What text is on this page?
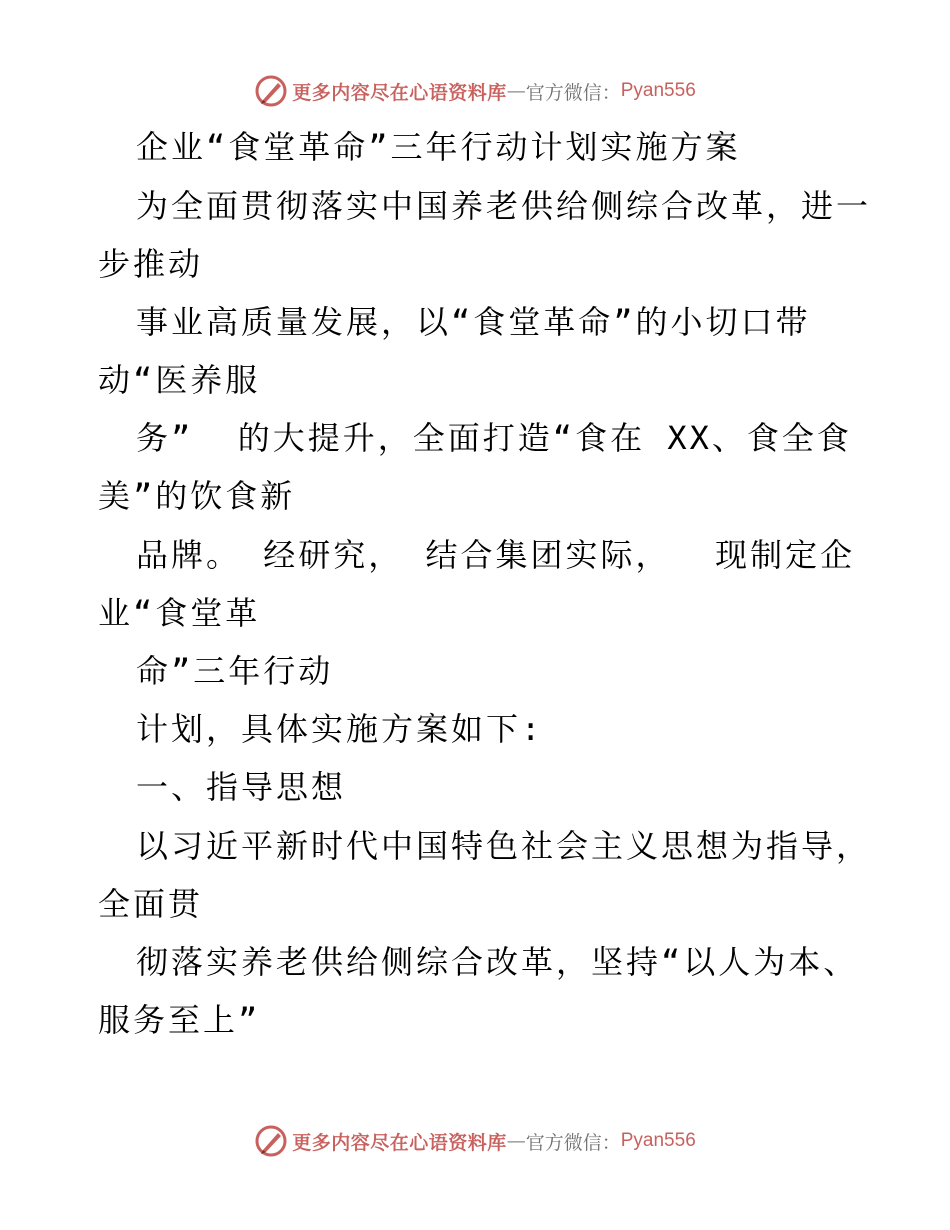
更多内容尽在心语资料库 — 官方微信： Pyan556
企业“食堂革命”三年行动计划实施方案
为全面贯彻落实中国养老供给侧综合改革，进一
步推动
事业高质量发展，以“食堂革命”的小切口带
动“医养服
务”  的大提升，全面打造“食在 XX、食全食
美”的饮食新
品牌。 经研究， 结合集团实际，  现制定企
业“食堂革
命”三年行动
计划，具体实施方案如下:
一、指导思想
以习近平新时代中国特色社会主义思想为指导，
全面贯
彻落实养老供给侧综合改革，坚持“以人为本、
服务至上”
更多内容尽在心语资料库 — 官方微信： Pyan556
